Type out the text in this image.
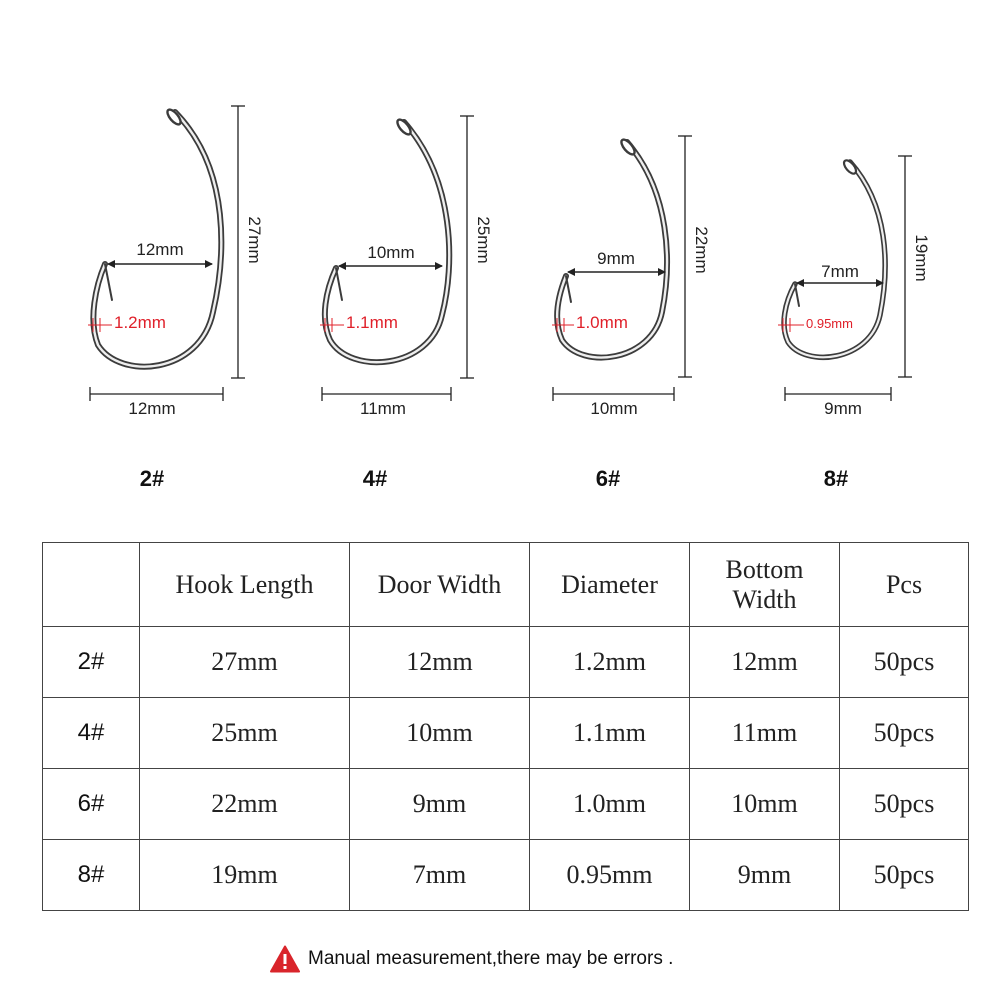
12mm	27mm
12mm
1.2mm
10mm	25mm
11mm
1.1mm
9mm	22mm
10mm
1.0mm
7mm	19mm
9mm
0.95mm
2#	4#	6#	8#
	Hook Length	Door Width	Diameter	Bottom Width	Pcs
2#	27mm	12mm	1.2mm	12mm	50pcs
4#	25mm	10mm	1.1mm	11mm	50pcs
6#	22mm	9mm	1.0mm	10mm	50pcs
8#	19mm	7mm	0.95mm	9mm	50pcs
Manual measurement,there may be errors .
